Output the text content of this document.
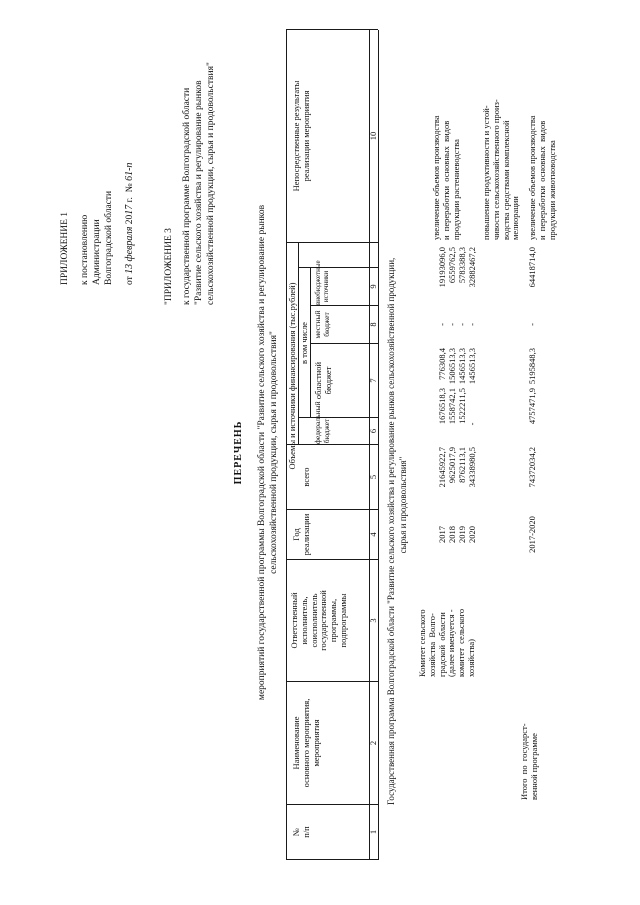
ПРИЛОЖЕНИЕ 1 к постановлению Администрации Волгоградской области от 13 февраля 2017 г.  № 61-п
"ПРИЛОЖЕНИЕ 3 к государственной программе Волгоградской области "Развитие сельского хозяйства и регулирование рынков сельскохозяйственной продукции, сырья и продовольствия"
ПЕРЕЧЕНЬ мероприятий государственной программы Волгоградской области "Развитие сельского хозяйства и регулирование рынков сельскохозяйственной продукции, сырья и продовольствия"
№
п/п
Наименование
основного мероприятия,
мероприятия
Ответственный
исполнитель,
соисполнитель
государственной
программы,
подпрограммы
Год
реализации
Объемы и источники финансирования (тыс.рублей)
всего
в том числе
федеральный
бюджет
областной
бюджет
местный
бюджет
внебюджетные
источники
Непосредственные результаты
реализации мероприятия
1
2
3
4
5
6
7
8
9
10
Государственная программа Волгоградской области "Развитие сельского хозяйства и регулирование рынков сельскохозяйственной продукции, сырья и продовольствия"
Комитет сельского
хозяйства  Волго-
градской  области
(далее именуется -
комитет  сельского
хозяйства)
2017 2018 2019 2020
21645922,7 9625017,9 8762113,1 34338980,5
1676518,3 1558742,1 1522211,5
-
776308,4 1506513,3 1456513,3 1456513,3
- - - -
19193096,0 6559762,5 5783388,3 32882467,2
увеличение объемов производства
и  переработки  основных  видов
продукции растениеводства
повышение продуктивности и устой-
чивости сельскохозяйственного произ-
водства средствами комплексной
мелиорации
Итого  по  государст-
венной программе
2017-2020
74372034,2
4757471,9
5195848,3
-
64418714,0
увеличение объемов производства
и  переработки  основных  видов
продукции животноводства
